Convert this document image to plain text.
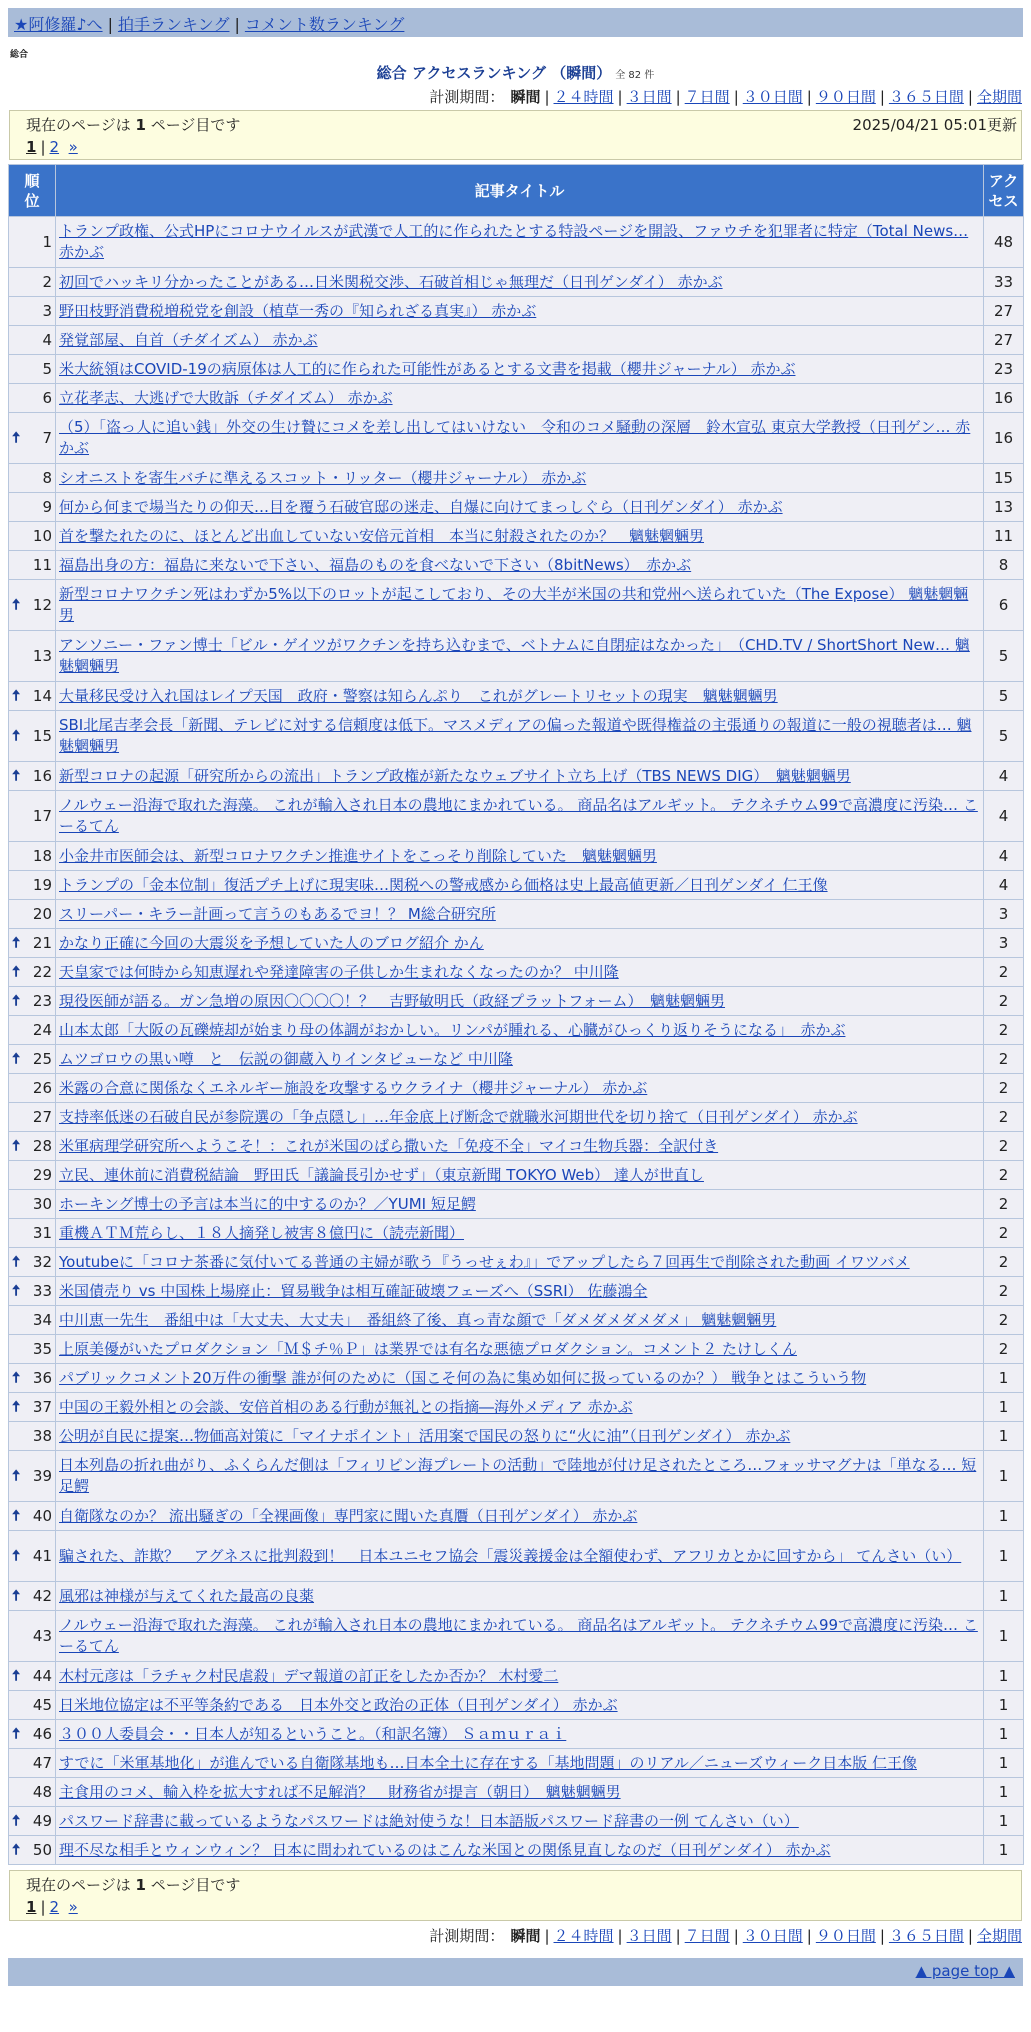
★阿修羅♪へ | 拍手ランキング | コメント数ランキング
総合
総合 アクセスランキング （瞬間） 全 82 件
計測期間： 瞬間 | ２４時間 | ３日間 | ７日間 | ３０日間 | ９０日間 | ３６５日間 | 全期間
現在のページは 1 ページ目です	2025/04/21 05:01更新
1 | 2 »
順
位	記事タイトル	アク
セス
1	トランプ政権、公式HPにコロナウイルスが武漢で人工的に作られたとする特設ページを開設、ファウチを犯罪者に特定（Total News… 赤かぶ	48
2	初回でハッキリ分かったことがある…日米関税交渉、石破首相じゃ無理だ（日刊ゲンダイ） 赤かぶ	33
3	野田枝野消費税増税党を創設（植草一秀の『知られざる真実』） 赤かぶ	27
4	発覚部屋、自首（チダイズム） 赤かぶ	27
5	米大統領はCOVID-19の病原体は人工的に作られた可能性があるとする文書を掲載（櫻井ジャーナル） 赤かぶ	23
6	立花孝志、大逃げで大敗訴（チダイズム） 赤かぶ	16

🠅 7	（5）「盗っ人に追い銭」外交の生け贄にコメを差し出してはいけない　令和のコメ騒動の深層　鈴木宣弘 東京大学教授（日刊ゲン… 赤かぶ	16
8	シオニストを寄生バチに準えるスコット・リッター（櫻井ジャーナル） 赤かぶ	15
9	何から何まで場当たりの仰天…目を覆う石破官邸の迷走、自爆に向けてまっしぐら（日刊ゲンダイ） 赤かぶ	13
10	首を撃たれたのに、ほとんど出血していない安倍元首相　本当に射殺されたのか？　魑魅魍魎男	11
11	福島出身の方：福島に来ないで下さい、福島のものを食べないで下さい（8bitNews）　赤かぶ	8

🠅 12	新型コロナワクチン死はわずか5%以下のロットが起こしており、その大半が米国の共和党州へ送られていた（The Expose） 魑魅魍魎男	6
13	アンソニー・ファン博士「ビル・ゲイツがワクチンを持ち込むまで、ベトナムに自閉症はなかった」　（CHD.TV / ShortShort New… 魑魅魍魎男	5

🠅 14	大量移民受け入れ国はレイプ天国　政府・警察は知らんぷり　これがグレートリセットの現実　魑魅魍魎男	5

🠅 15	SBI北尾吉孝会長「新聞、テレビに対する信頼度は低下。マスメディアの偏った報道や既得権益の主張通りの報道に一般の視聴者は… 魑魅魍魎男	5

🠅 16	新型コロナの起源「研究所からの流出」トランプ政権が新たなウェブサイト立ち上げ（TBS NEWS DIG）　魑魅魍魎男	4
17	ノルウェー沿海で取れた海藻。 これが輸入され日本の農地にまかれている。 商品名はアルギット。 テクネチウム99で高濃度に汚染… こーるてん	4
18	小金井市医師会は、新型コロナワクチン推進サイトをこっそり削除していた　魑魅魍魎男	4
19	トランプの「金本位制」復活プチ上げに現実味…関税への警戒感から価格は史上最高値更新／日刊ゲンダイ 仁王像	4
20	スリーパー・キラー計画って言うのもあるでヨ！？ M総合研究所	3

🠅 21	かなり正確に今回の大震災を予想していた人のブログ紹介 かん	3

🠅 22	天皇家では何時から知恵遅れや発達障害の子供しか生まれなくなったのか？ 中川隆	2

🠅 23	現役医師が語る。ガン急増の原因〇〇〇〇！？　吉野敏明氏（政経プラットフォーム）　魑魅魍魎男	2
24	山本太郎「大阪の瓦礫焼却が始まり母の体調がおかしい。リンパが腫れる、心臓がひっくり返りそうになる」　赤かぶ	2

🠅 25	ムツゴロウの黒い噂　と　伝説の御蔵入りインタビューなど 中川隆	2
26	米露の合意に関係なくエネルギー施設を攻撃するウクライナ（櫻井ジャーナル） 赤かぶ	2
27	支持率低迷の石破自民が参院選の「争点隠し」…年金底上げ断念で就職氷河期世代を切り捨て（日刊ゲンダイ） 赤かぶ	2

🠅 28	米軍病理学研究所へようこそ！：これが米国のばら撒いた「免疫不全」マイコ生物兵器：全訳付き	2
29	立民、連休前に消費税結論　野田氏「議論長引かせず」（東京新聞 TOKYO Web） 達人が世直し	2
30	ホーキング博士の予言は本当に的中するのか？／YUMI 短足鰐	2
31	重機ＡＴＭ荒らし、１８人摘発し被害８億円に（読売新聞）	2

🠅 32	Youtubeに「コロナ茶番に気付いてる普通の主婦が歌う『うっせぇわ』」でアップしたら７回再生で削除された動画 イワツバメ	2

🠅 33	米国債売り vs 中国株上場廃止：貿易戦争は相互確証破壊フェーズへ（SSRI） 佐藤鴻全	2
34	中川恵一先生　番組中は「大丈夫、大丈夫」　番組終了後、真っ青な顔で「ダメダメダメダメ」 魑魅魍魎男	2
35	上原美優がいたプロダクション「Ｍ＄チ％Ｐ」は業界では有名な悪徳プロダクション。コメント２ たけしくん	2

🠅 36	パブリックコメント20万件の衝撃 誰が何のために（国こそ何の為に集め如何に扱っているのか？） 戦争とはこういう物	1

🠅 37	中国の王毅外相との会談、安倍首相のある行動が無礼との指摘―海外メディア 赤かぶ	1
38	公明が自民に提案…物価高対策に「マイナポイント」活用案で国民の怒りに“火に油”（日刊ゲンダイ） 赤かぶ	1

🠅 39	日本列島の折れ曲がり、ふくらんだ側は「フィリピン海プレートの活動」で陸地が付け足されたところ…フォッサマグナは「単なる… 短足鰐	1

🠅 40	自衛隊なのか？ 流出騒ぎの「全裸画像」専門家に聞いた真贋（日刊ゲンダイ） 赤かぶ	1

🠅 41	騙された、詐欺？　アグネスに批判殺到！　日本ユニセフ協会「震災義援金は全額使わず、アフリカとかに回すから」 てんさい（い）	1

🠅 42	風邪は神様が与えてくれた最高の良薬	1
43	ノルウェー沿海で取れた海藻。 これが輸入され日本の農地にまかれている。 商品名はアルギット。 テクネチウム99で高濃度に汚染… こーるてん	1

🠅 44	木村元彦は「ラチャク村民虐殺」デマ報道の訂正をしたか否か？ 木村愛二	1
45	日米地位協定は不平等条約である　日本外交と政治の正体（日刊ゲンダイ） 赤かぶ	1

🠅 46	３００人委員会・・日本人が知るということ。（和訳名簿） Ｓａｍｕｒａｉ	1
47	すでに「米軍基地化」が進んでいる自衛隊基地も…日本全土に存在する「基地問題」のリアル／ニューズウィーク日本版 仁王像	1
48	主食用のコメ、輸入枠を拡大すれば不足解消？　財務省が提言（朝日）　魑魅魍魎男	1

🠅 49	パスワード辞書に載っているようなパスワードは絶対使うな！日本語版パスワード辞書の一例 てんさい（い）	1

🠅 50	理不尽な相手とウィンウィン？ 日本に問われているのはこんな米国との関係見直しなのだ（日刊ゲンダイ） 赤かぶ	1
現在のページは 1 ページ目です
1 | 2 »
計測期間： 瞬間 | ２４時間 | ３日間 | ７日間 | ３０日間 | ９０日間 | ３６５日間 | 全期間
▲ page top ▲
